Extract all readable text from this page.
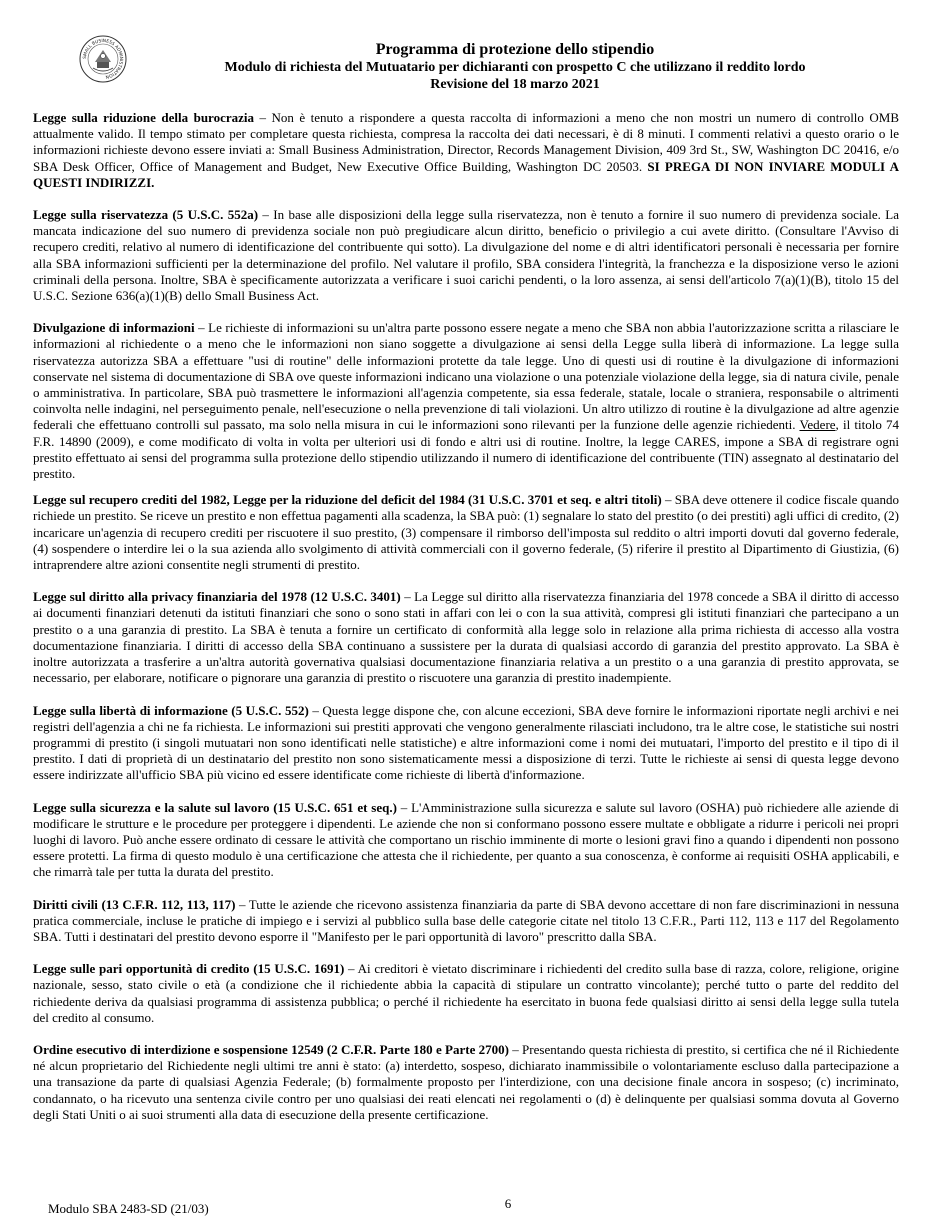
SMALL BUSINESS ADMINISTRATION
Programma di protezione dello stipendio
Modulo di richiesta del Mutuatario per dichiaranti con prospetto C che utilizzano il reddito lordo
Revisione del 18 marzo 2021

Legge sulla riduzione della burocrazia – Non è tenuto a rispondere a questa raccolta di informazioni a meno che non mostri un numero di controllo OMB attualmente valido. Il tempo stimato per completare questa richiesta, compresa la raccolta dei dati necessari, è di 8 minuti. I commenti relativi a questo orario o le informazioni richieste devono essere inviati a: Small Business Administration, Director, Records Management Division, 409 3rd St., SW, Washington DC 20416, e/o SBA Desk Officer, Office of Management and Budget, New Executive Office Building, Washington DC 20503. SI PREGA DI NON INVIARE MODULI A QUESTI INDIRIZZI.

Legge sulla riservatezza (5 U.S.C. 552a) – In base alle disposizioni della legge sulla riservatezza, non è tenuto a fornire il suo numero di previdenza sociale. La mancata indicazione del suo numero di previdenza sociale non può pregiudicare alcun diritto, beneficio o privilegio a cui avete diritto. (Consultare l'Avviso di recupero crediti, relativo al numero di identificazione del contribuente qui sotto). La divulgazione del nome e di altri identificatori personali è necessaria per fornire alla SBA informazioni sufficienti per la determinazione del profilo. Nel valutare il profilo, SBA considera l'integrità, la franchezza e la disposizione verso le azioni criminali della persona. Inoltre, SBA è specificamente autorizzata a verificare i suoi carichi pendenti, o la loro assenza, ai sensi dell'articolo 7(a)(1)(B), titolo 15 del U.S.C. Sezione 636(a)(1)(B) dello Small Business Act.

Divulgazione di informazioni – Le richieste di informazioni su un'altra parte possono essere negate a meno che SBA non abbia l'autorizzazione scritta a rilasciare le informazioni al richiedente o a meno che le informazioni non siano soggette a divulgazione ai sensi della Legge sulla liberà di informazione. La legge sulla riservatezza autorizza SBA a effettuare "usi di routine" delle informazioni protette da tale legge. Uno di questi usi di routine è la divulgazione di informazioni conservate nel sistema di documentazione di SBA ove queste informazioni indicano una violazione o una potenziale violazione della legge, sia di natura civile, penale o amministrativa. In particolare, SBA può trasmettere le informazioni all'agenzia competente, sia essa federale, statale, locale o straniera, responsabile o altrimenti coinvolta nelle indagini, nel perseguimento penale, nell'esecuzione o nella prevenzione di tali violazioni. Un altro utilizzo di routine è la divulgazione ad altre agenzie federali che effettuano controlli sul passato, ma solo nella misura in cui le informazioni sono rilevanti per la funzione delle agenzie richiedenti. Vedere, il titolo 74 F.R. 14890 (2009), e come modificato di volta in volta per ulteriori usi di fondo e altri usi di routine. Inoltre, la legge CARES, impone a SBA di registrare ogni prestito effettuato ai sensi del programma sulla protezione dello stipendio utilizzando il numero di identificazione del contribuente (TIN) assegnato al destinatario del prestito.

Legge sul recupero crediti del 1982, Legge per la riduzione del deficit del 1984 (31 U.S.C. 3701 et seq. e altri titoli) – SBA deve ottenere il codice fiscale quando richiede un prestito. Se riceve un prestito e non effettua pagamenti alla scadenza, la SBA può: (1) segnalare lo stato del prestito (o dei prestiti) agli uffici di credito, (2) incaricare un'agenzia di recupero crediti per riscuotere il suo prestito, (3) compensare il rimborso dell'imposta sul reddito o altri importi dovuti dal governo federale, (4) sospendere o interdire lei o la sua azienda allo svolgimento di attività commerciali con il governo federale, (5) riferire il prestito al Dipartimento di Giustizia, (6) intraprendere altre azioni consentite negli strumenti di prestito.

Legge sul diritto alla privacy finanziaria del 1978 (12 U.S.C. 3401) – La Legge sul diritto alla riservatezza finanziaria del 1978 concede a SBA il diritto di accesso ai documenti finanziari detenuti da istituti finanziari che sono o sono stati in affari con lei o con la sua attività, compresi gli istituti finanziari che partecipano a un prestito o a una garanzia di prestito. La SBA è tenuta a fornire un certificato di conformità alla legge solo in relazione alla prima richiesta di accesso alla vostra documentazione finanziaria. I diritti di accesso della SBA continuano a sussistere per la durata di qualsiasi accordo di garanzia del prestito approvato. La SBA è inoltre autorizzata a trasferire a un'altra autorità governativa qualsiasi documentazione finanziaria relativa a un prestito o a una garanzia di prestito approvata, se necessario, per elaborare, notificare o pignorare una garanzia di prestito o riscuotere una garanzia di prestito inadempiente.

Legge sulla libertà di informazione (5 U.S.C. 552) – Questa legge dispone che, con alcune eccezioni, SBA deve fornire le informazioni riportate negli archivi e nei registri dell'agenzia a chi ne fa richiesta. Le informazioni sui prestiti approvati che vengono generalmente rilasciati includono, tra le altre cose, le statistiche sui nostri programmi di prestito (i singoli mutuatari non sono identificati nelle statistiche) e altre informazioni come i nomi dei mutuatari, l'importo del prestito e il tipo di il prestito. I dati di proprietà di un destinatario del prestito non sono sistematicamente messi a disposizione di terzi. Tutte le richieste ai sensi di questa legge devono essere indirizzate all'ufficio SBA più vicino ed essere identificate come richieste di libertà d'informazione.

Legge sulla sicurezza e la salute sul lavoro (15 U.S.C. 651 et seq.) – L'Amministrazione sulla sicurezza e salute sul lavoro (OSHA) può richiedere alle aziende di modificare le strutture e le procedure per proteggere i dipendenti. Le aziende che non si conformano possono essere multate e obbligate a ridurre i pericoli nei propri luoghi di lavoro. Può anche essere ordinato di cessare le attività che comportano un rischio imminente di morte o lesioni gravi fino a quando i dipendenti non possono essere protetti. La firma di questo modulo è una certificazione che attesta che il richiedente, per quanto a sua conoscenza, è conforme ai requisiti OSHA applicabili, e che rimarrà tale per tutta la durata del prestito.

Diritti civili (13 C.F.R. 112, 113, 117) – Tutte le aziende che ricevono assistenza finanziaria da parte di SBA devono accettare di non fare discriminazioni in nessuna pratica commerciale, incluse le pratiche di impiego e i servizi al pubblico sulla base delle categorie citate nel titolo 13 C.F.R., Parti 112, 113 e 117 del Regolamento SBA. Tutti i destinatari del prestito devono esporre il "Manifesto per le pari opportunità di lavoro" prescritto dalla SBA.

Legge sulle pari opportunità di credito (15 U.S.C. 1691) – Ai creditori è vietato discriminare i richiedenti del credito sulla base di razza, colore, religione, origine nazionale, sesso, stato civile o età (a condizione che il richiedente abbia la capacità di stipulare un contratto vincolante); perché tutto o parte del reddito del richiedente deriva da qualsiasi programma di assistenza pubblica; o perché il richiedente ha esercitato in buona fede qualsiasi diritto ai sensi della legge sulla tutela del credito al consumo.

Ordine esecutivo di interdizione e sospensione 12549 (2 C.F.R. Parte 180 e Parte 2700) – Presentando questa richiesta di prestito, si certifica che né il Richiedente né alcun proprietario del Richiedente negli ultimi tre anni è stato: (a) interdetto, sospeso, dichiarato inammissibile o volontariamente escluso dalla partecipazione a una transazione da parte di qualsiasi Agenzia Federale; (b) formalmente proposto per l'interdizione, con una decisione finale ancora in sospeso; (c) incriminato, condannato, o ha ricevuto una sentenza civile contro per uno qualsiasi dei reati elencati nei regolamenti o (d) è delinquente per qualsiasi somma dovuta al Governo degli Stati Uniti o ai suoi strumenti alla data di esecuzione della presente certificazione.

Modulo SBA 2483-SD (21/03)	6
